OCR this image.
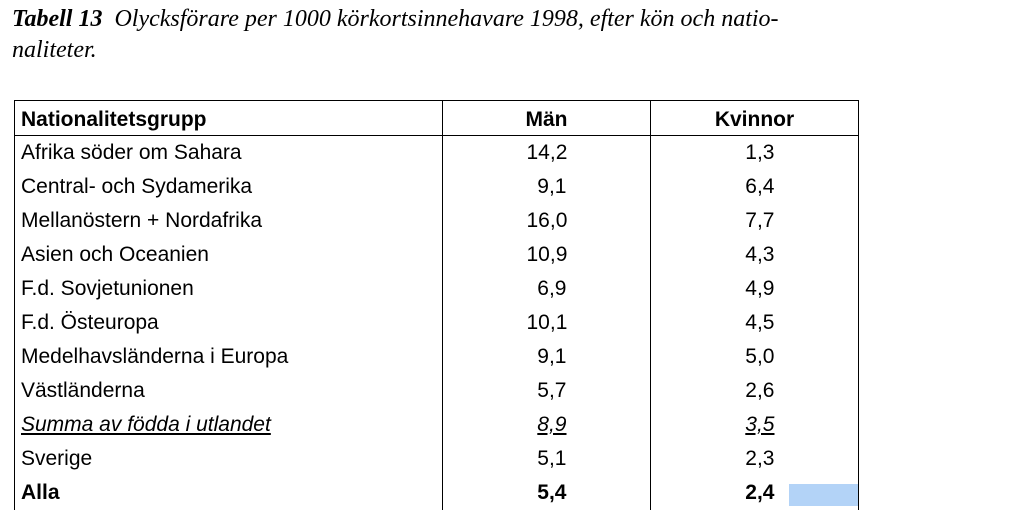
Tabell 13 Olycksförare per 1000 körkortsinnehavare 1998, efter kön och natio-
naliteter.

Nationalitetsgrupp	Män	Kvinnor
Afrika söder om Sahara	14,2	1,3
Central- och Sydamerika	9,1	6,4
Mellanöstern + Nordafrika	16,0	7,7
Asien och Oceanien	10,9	4,3
F.d. Sovjetunionen	6,9	4,9
F.d. Östeuropa	10,1	4,5
Medelhavsländerna i Europa	9,1	5,0
Västländerna	5,7	2,6
Summa av födda i utlandet	8,9	3,5
Sverige	5,1	2,3
Alla	5,4	2,4
